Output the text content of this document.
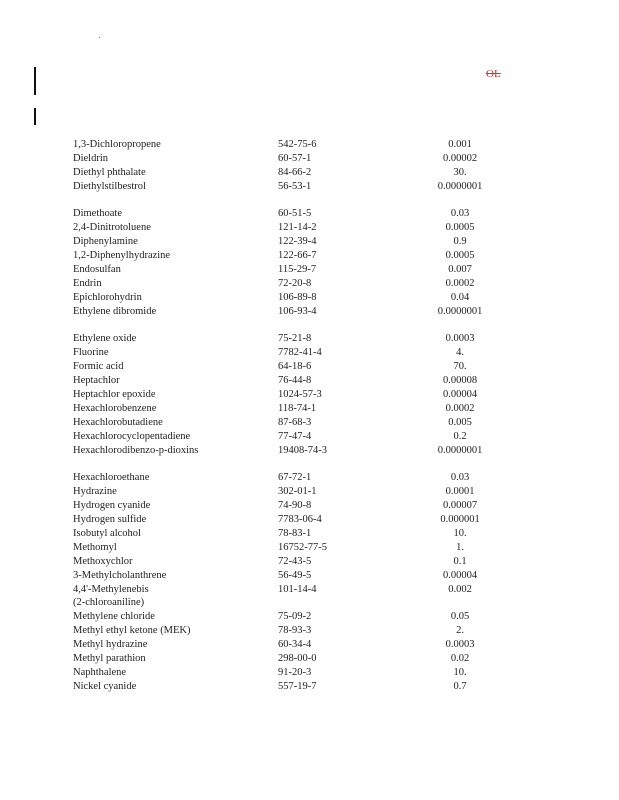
OL
1,3-Dichloropropene	542-75-6	0.001
Dieldrin	60-57-1	0.00002
Diethyl phthalate	84-66-2	30.
Diethylstilbestrol	56-53-1	0.0000001
Dimethoate	60-51-5	0.03
2,4-Dinitrotoluene	121-14-2	0.0005
Diphenylamine	122-39-4	0.9
1,2-Diphenylhydrazine	122-66-7	0.0005
Endosulfan	115-29-7	0.007
Endrin	72-20-8	0.0002
Epichlorohydrin	106-89-8	0.04
Ethylene dibromide	106-93-4	0.0000001
Ethylene oxide	75-21-8	0.0003
Fluorine	7782-41-4	4.
Formic acid	64-18-6	70.
Heptachlor	76-44-8	0.00008
Heptachlor epoxide	1024-57-3	0.00004
Hexachlorobenzene	118-74-1	0.0002
Hexachlorobutadiene	87-68-3	0.005
Hexachlorocyclopentadiene	77-47-4	0.2
Hexachlorodibenzo-p-dioxins	19408-74-3	0.0000001
Hexachloroethane	67-72-1	0.03
Hydrazine	302-01-1	0.0001
Hydrogen cyanide	74-90-8	0.00007
Hydrogen sulfide	7783-06-4	0.000001
Isobutyl alcohol	78-83-1	10.
Methomyl	16752-77-5	1.
Methoxychlor	72-43-5	0.1
3-Methylcholanthrene	56-49-5	0.00004
4,4'-Methylenebis	101-14-4	0.002
(2-chloroaniline)
Methylene chloride	75-09-2	0.05
Methyl ethyl ketone (MEK)	78-93-3	2.
Methyl hydrazine	60-34-4	0.0003
Methyl parathion	298-00-0	0.02
Naphthalene	91-20-3	10.
Nickel cyanide	557-19-7	0.7
